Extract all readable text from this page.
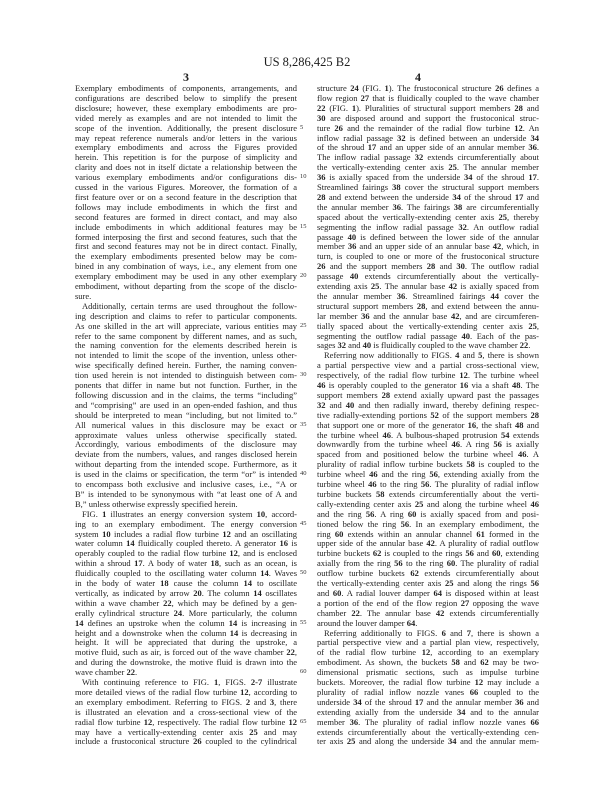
US 8,286,425 B2
3	4
Exemplary embodiments of components, arrangements, and
configurations are described below to simplify the present
disclosure; however, these exemplary embodiments are pro-
vided merely as examples and are not intended to limit the
scope of the invention. Additionally, the present disclosure
may repeat reference numerals and/or letters in the various
exemplary embodiments and across the Figures provided
herein. This repetition is for the purpose of simplicity and
clarity and does not in itself dictate a relationship between the
various exemplary embodiments and/or configurations dis-
cussed in the various Figures. Moreover, the formation of a
first feature over or on a second feature in the description that
follows may include embodiments in which the first and
second features are formed in direct contact, and may also
include embodiments in which additional features may be
formed interposing the first and second features, such that the
first and second features may not be in direct contact. Finally,
the exemplary embodiments presented below may be com-
bined in any combination of ways, i.e., any element from one
exemplary embodiment may be used in any other exemplary
embodiment, without departing from the scope of the disclo-
sure.
Additionally, certain terms are used throughout the follow-
ing description and claims to refer to particular components.
As one skilled in the art will appreciate, various entities may
refer to the same component by different names, and as such,
the naming convention for the elements described herein is
not intended to limit the scope of the invention, unless other-
wise specifically defined herein. Further, the naming conven-
tion used herein is not intended to distinguish between com-
ponents that differ in name but not function. Further, in the
following discussion and in the claims, the terms “including”
and “comprising” are used in an open-ended fashion, and thus
should be interpreted to mean “including, but not limited to.”
All numerical values in this disclosure may be exact or
approximate values unless otherwise specifically stated.
Accordingly, various embodiments of the disclosure may
deviate from the numbers, values, and ranges disclosed herein
without departing from the intended scope. Furthermore, as it
is used in the claims or specification, the term “or” is intended
to encompass both exclusive and inclusive cases, i.e., “A or
B” is intended to be synonymous with “at least one of A and
B,” unless otherwise expressly specified herein.
FIG. 1 illustrates an energy conversion system 10, accord-
ing to an exemplary embodiment. The energy conversion
system 10 includes a radial flow turbine 12 and an oscillating
water column 14 fluidically coupled thereto. A generator 16 is
operably coupled to the radial flow turbine 12, and is enclosed
within a shroud 17. A body of water 18, such as an ocean, is
fluidically coupled to the oscillating water column 14. Waves
in the body of water 18 cause the column 14 to oscillate
vertically, as indicated by arrow 20. The column 14 oscillates
within a wave chamber 22, which may be defined by a gen-
erally cylindrical structure 24. More particularly, the column
14 defines an upstroke when the column 14 is increasing in
height and a downstroke when the column 14 is decreasing in
height. It will be appreciated that during the upstroke, a
motive fluid, such as air, is forced out of the wave chamber 22,
and during the downstroke, the motive fluid is drawn into the
wave chamber 22.
With continuing reference to FIG. 1, FIGS. 2-7 illustrate
more detailed views of the radial flow turbine 12, according to
an exemplary embodiment. Referring to FIGS. 2 and 3, there
is illustrated an elevation and a cross-sectional view of the
radial flow turbine 12, respectively. The radial flow turbine 12
may have a vertically-extending center axis 25 and may
include a frustoconical structure 26 coupled to the cylindrical
structure 24 (FIG. 1). The frustoconical structure 26 defines a
flow region 27 that is fluidically coupled to the wave chamber
22 (FIG. 1). Pluralities of structural support members 28 and
30 are disposed around and support the frustoconical struc-
ture 26 and the remainder of the radial flow turbine 12. An
inflow radial passage 32 is defined between an underside 34
of the shroud 17 and an upper side of an annular member 36.
The inflow radial passage 32 extends circumferentially about
the vertically-extending center axis 25. The annular member
36 is axially spaced from the underside 34 of the shroud 17.
Streamlined fairings 38 cover the structural support members
28 and extend between the underside 34 of the shroud 17 and
the annular member 36. The fairings 38 are circumferentially
spaced about the vertically-extending center axis 25, thereby
segmenting the inflow radial passage 32. An outflow radial
passage 40 is defined between the lower side of the annular
member 36 and an upper side of an annular base 42, which, in
turn, is coupled to one or more of the frustoconical structure
26 and the support members 28 and 30. The outflow radial
passage 40 extends circumferentially about the vertically-
extending axis 25. The annular base 42 is axially spaced from
the annular member 36. Streamlined fairings 44 cover the
structural support members 28, and extend between the annu-
lar member 36 and the annular base 42, and are circumferen-
tially spaced about the vertically-extending center axis 25,
segmenting the outflow radial passage 40. Each of the pas-
sages 32 and 40 is fluidically coupled to the wave chamber 22.
Referring now additionally to FIGS. 4 and 5, there is shown
a partial perspective view and a partial cross-sectional view,
respectively, of the radial flow turbine 12. The turbine wheel
46 is operably coupled to the generator 16 via a shaft 48. The
support members 28 extend axially upward past the passages
32 and 40 and then radially inward, thereby defining respec-
tive radially-extending portions 52 of the support members 28
that support one or more of the generator 16, the shaft 48 and
the turbine wheel 46. A bulbous-shaped protrusion 54 extends
downwardly from the turbine wheel 46. A ring 56 is axially
spaced from and positioned below the turbine wheel 46. A
plurality of radial inflow turbine buckets 58 is coupled to the
turbine wheel 46 and the ring 56, extending axially from the
turbine wheel 46 to the ring 56. The plurality of radial inflow
turbine buckets 58 extends circumferentially about the verti-
cally-extending center axis 25 and along the turbine wheel 46
and the ring 56. A ring 60 is axially spaced from and posi-
tioned below the ring 56. In an exemplary embodiment, the
ring 60 extends within an annular channel 61 formed in the
upper side of the annular base 42. A plurality of radial outflow
turbine buckets 62 is coupled to the rings 56 and 60, extending
axially from the ring 56 to the ring 60. The plurality of radial
outflow turbine buckets 62 extends circumferentially about
the vertically-extending center axis 25 and along the rings 56
and 60. A radial louver damper 64 is disposed within at least
a portion of the end of the flow region 27 opposing the wave
chamber 22. The annular base 42 extends circumferentially
around the louver damper 64.
Referring additionally to FIGS. 6 and 7, there is shown a
partial perspective view and a partial plan view, respectively,
of the radial flow turbine 12, according to an exemplary
embodiment. As shown, the buckets 58 and 62 may be two-
dimensional prismatic sections, such as impulse turbine
buckets. Moreover, the radial flow turbine 12 may include a
plurality of radial inflow nozzle vanes 66 coupled to the
underside 34 of the shroud 17 and the annular member 36 and
extending axially from the underside 34 and to the annular
member 36. The plurality of radial inflow nozzle vanes 66
extends circumferentially about the vertically-extending cen-
ter axis 25 and along the underside 34 and the annular mem-
5
10
15
20
25
30
35
40
45
50
55
60
65
